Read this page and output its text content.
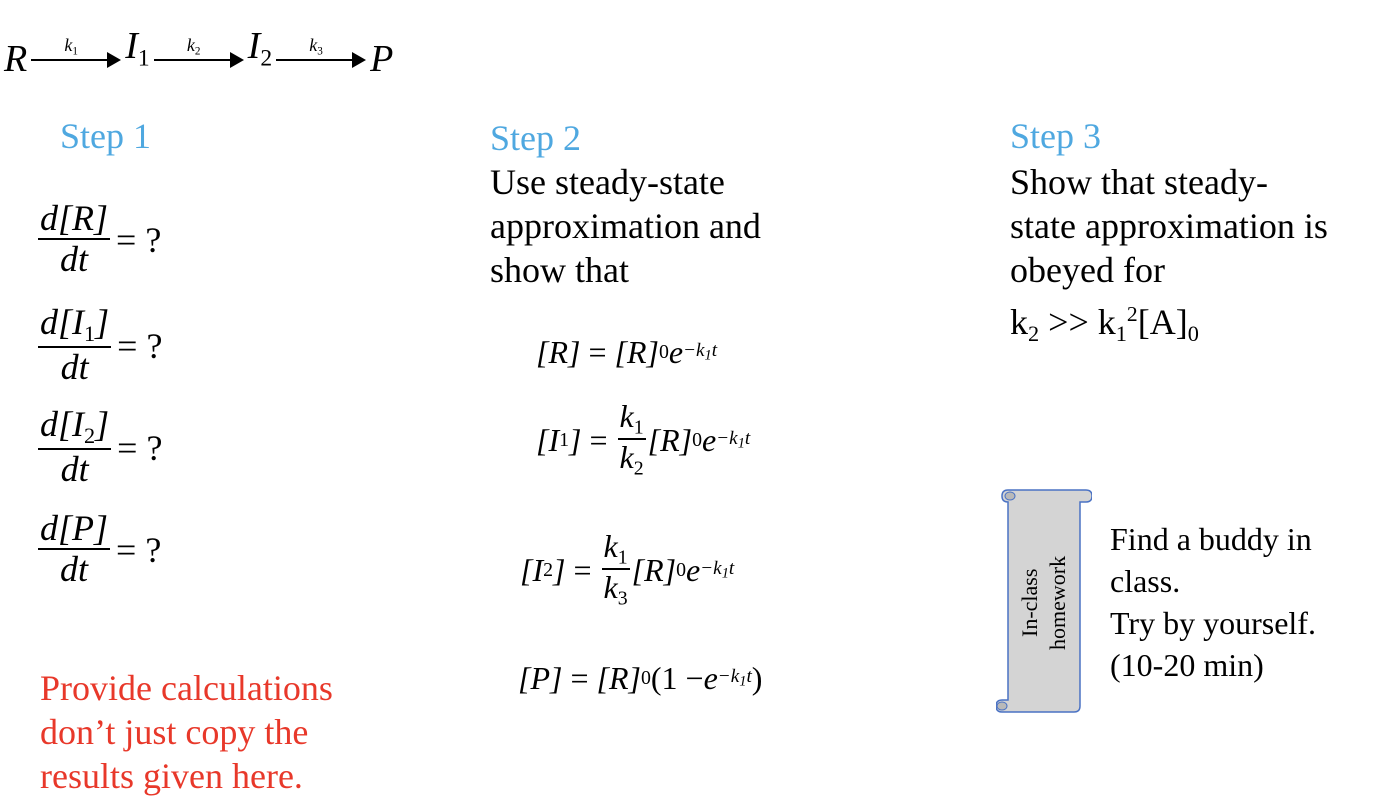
R	$k_1$	$I_1$
$k_2$	$I_2$
$k_3$	P
Step 1
$\frac{d[R]}{dt}$ = ?
$\frac{d[I_1]}{dt}$ = ?
$\frac{d[I_2]}{dt}$ = ?
$\frac{d[P]}{dt}$ = ?
Provide calculations
don’t just copy the
results given here.
Step 2
Use steady-state
approximation and
show that
[R] = [R] 0 e −k1t
[I 1 ] = $\frac{k_1}{k_2} [R]$ 0 e −k1t
[I 2 ] = $\frac{k_1}{k_3} [R]$ 0 e −k1t
[P] = [R] 0 (1 − e −k1t )
Step 3
Show that steady-
state approximation is
obeyed for
$k_2 >> k_1^2[A]_0$
In-class homework
Find a buddy in
class.
Try by yourself.
(10-20 min)
